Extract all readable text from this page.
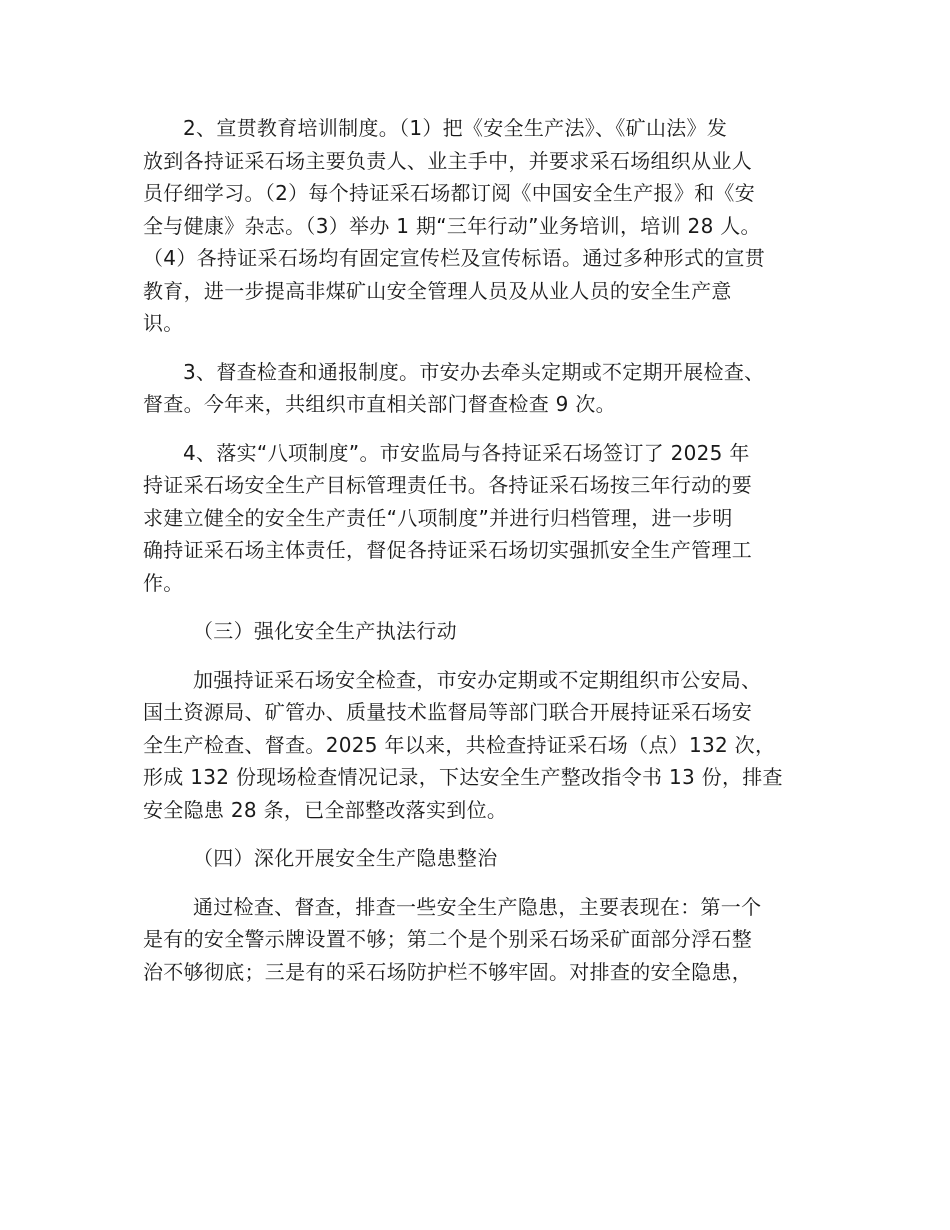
2、宣贯教育培训制度。（1）把《安全生产法》、《矿山法》发
放到各持证采石场主要负责人、业主手中，并要求采石场组织从业人
员仔细学习。（2）每个持证采石场都订阅《中国安全生产报》和《安
全与健康》杂志。（3）举办 1 期“三年行动”业务培训，培训 28 人。
（4）各持证采石场均有固定宣传栏及宣传标语。通过多种形式的宣贯
教育，进一步提高非煤矿山安全管理人员及从业人员的安全生产意
识。

3、督查检查和通报制度。市安办去牵头定期或不定期开展检查、
督查。今年来，共组织市直相关部门督查检查 9 次。

4、落实“八项制度”。市安监局与各持证采石场签订了 2025 年
持证采石场安全生产目标管理责任书。各持证采石场按三年行动的要
求建立健全的安全生产责任“八项制度”并进行归档管理，进一步明
确持证采石场主体责任，督促各持证采石场切实强抓安全生产管理工
作。

（三）强化安全生产执法行动

加强持证采石场安全检查，市安办定期或不定期组织市公安局、
国土资源局、矿管办、质量技术监督局等部门联合开展持证采石场安
全生产检查、督查。2025 年以来，共检查持证采石场（点）132 次，
形成 132 份现场检查情况记录，下达安全生产整改指令书 13 份，排查
安全隐患 28 条，已全部整改落实到位。

（四）深化开展安全生产隐患整治

通过检查、督查，排查一些安全生产隐患，主要表现在：第一个
是有的安全警示牌设置不够；第二个是个别采石场采矿面部分浮石整
治不够彻底；三是有的采石场防护栏不够牢固。对排查的安全隐患，
